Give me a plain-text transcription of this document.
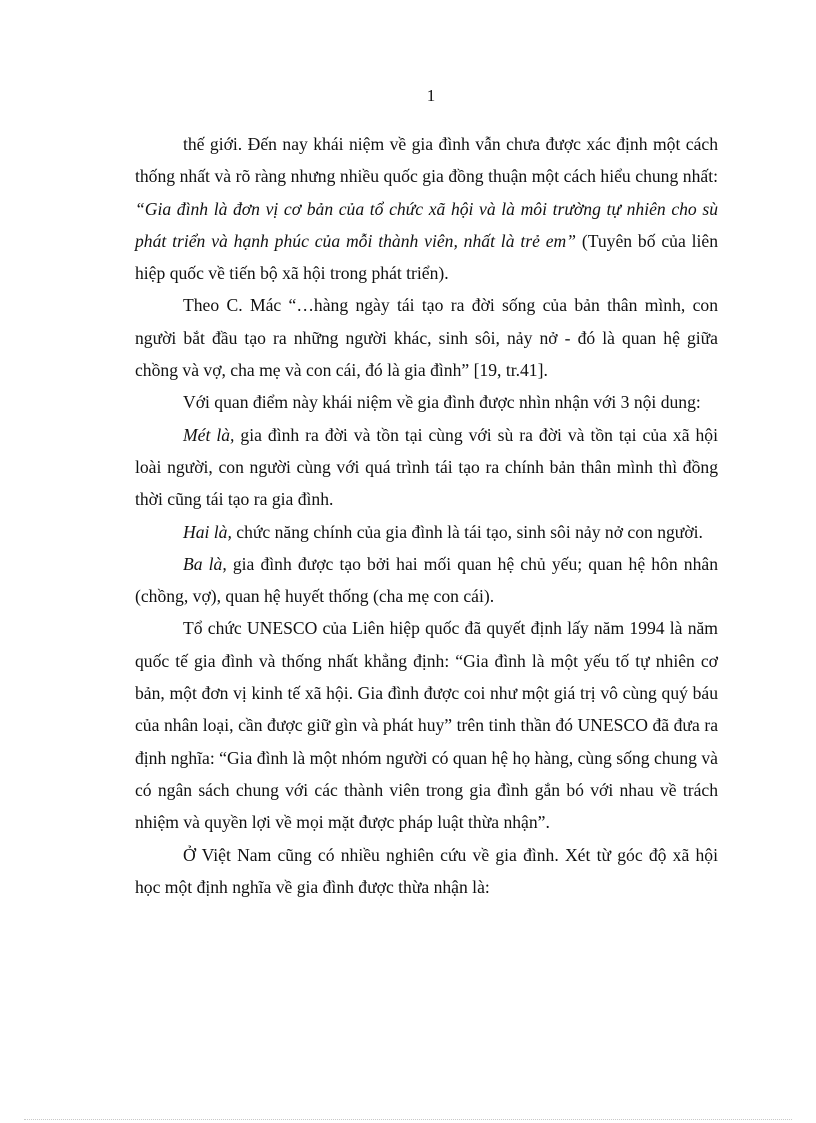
1

thế giới. Đến nay khái niệm về gia đình vẫn chưa được xác định một cách thống nhất và rõ ràng nhưng nhiều quốc gia đồng thuận một cách hiểu chung nhất: “Gia đình là đơn vị cơ bản của tổ chức xã hội và là môi trường tự nhiên cho sù phát triển và hạnh phúc của mỗi thành viên, nhất là trẻ em” (Tuyên bố của liên hiệp quốc về tiến bộ xã hội trong phát triển).

Theo C. Mác “…hàng ngày tái tạo ra đời sống của bản thân mình, con người bắt đầu tạo ra những người khác, sinh sôi, nảy nở - đó là quan hệ giữa chồng và vợ, cha mẹ và con cái, đó là gia đình” [19, tr.41].

Với quan điểm này khái niệm về gia đình được nhìn nhận với 3 nội dung:

Mét là, gia đình ra đời và tồn tại cùng với sù ra đời và tồn tại của xã hội loài người, con người cùng với quá trình tái tạo ra chính bản thân mình thì đồng thời cũng tái tạo ra gia đình.

Hai là, chức năng chính của gia đình là tái tạo, sinh sôi nảy nở con người.

Ba là, gia đình được tạo bởi hai mối quan hệ chủ yếu; quan hệ hôn nhân (chồng, vợ), quan hệ huyết thống (cha mẹ con cái).

Tổ chức UNESCO của Liên hiệp quốc đã quyết định lấy năm 1994 là năm quốc tế gia đình và thống nhất khẳng định: “Gia đình là một yếu tố tự nhiên cơ bản, một đơn vị kinh tế xã hội. Gia đình được coi như một giá trị vô cùng quý báu của nhân loại, cần được giữ gìn và phát huy” trên tinh thần đó UNESCO đã đưa ra định nghĩa: “Gia đình là một nhóm người có quan hệ họ hàng, cùng sống chung và có ngân sách chung với các thành viên trong gia đình gắn bó với nhau về trách nhiệm và quyền lợi về mọi mặt được pháp luật thừa nhận”.

Ở Việt Nam cũng có nhiều nghiên cứu về gia đình. Xét từ góc độ xã hội học một định nghĩa về gia đình được thừa nhận là:
